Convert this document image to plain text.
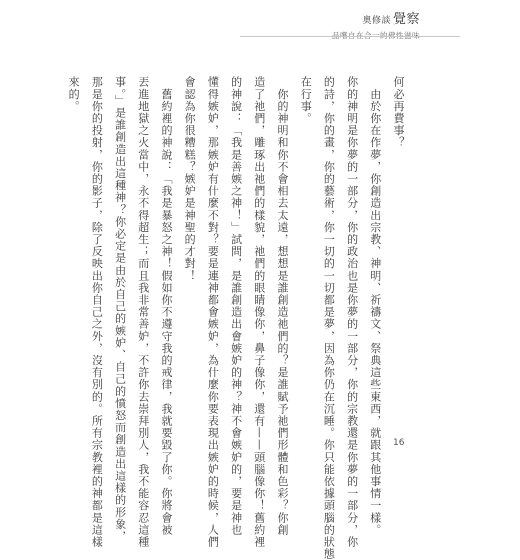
奧修談 覺察

何必再費事？

　由於你在作夢，你創造出宗教、神明、祈禱文、祭典這些東西，就跟其他事情一樣。

你的神明是你夢的一部分，你的政治也是你夢的一部分，你的宗教還是你夢的一部分，你

的詩，你的畫，你的藝術，你一切的一切都是夢，因為你仍在沉睡。你只能依據頭腦的狀態

在行事。

　你的神明和你不會相去太遠，想想是誰創造祂們的？是誰賦予祂們形體和色彩？你創

造了祂們，雕琢出祂們的樣貌，祂們的眼睛像你，鼻子像你，還有——頭腦像你！舊約裡

的神說：「我是善嫉之神！」試問，是誰創造出會嫉妒的神？神不會嫉妒的，要是神也

懂得嫉妒，那嫉妒有什麼不對？要是連神都會嫉妒，為什麼你要表現出嫉妒的時候，人們

會認為你很糟糕？嫉妒是神聖的才對！

　舊約裡的神說：「我是暴怒之神！假如你不遵守我的戒律，我就要毀了你。你將會被

丟進地獄之火當中，永不得超生；而且我非常善妒，不許你去崇拜別人，我不能容忍這種

事。」是誰創造出這種神？你必定是由於自己的嫉妒、自己的憤怒而創造出這樣的形象，

那是你的投射，你的影子，除了反映出你自己之外，沒有別的。所有宗教裡的神都是這樣

來的。

16
